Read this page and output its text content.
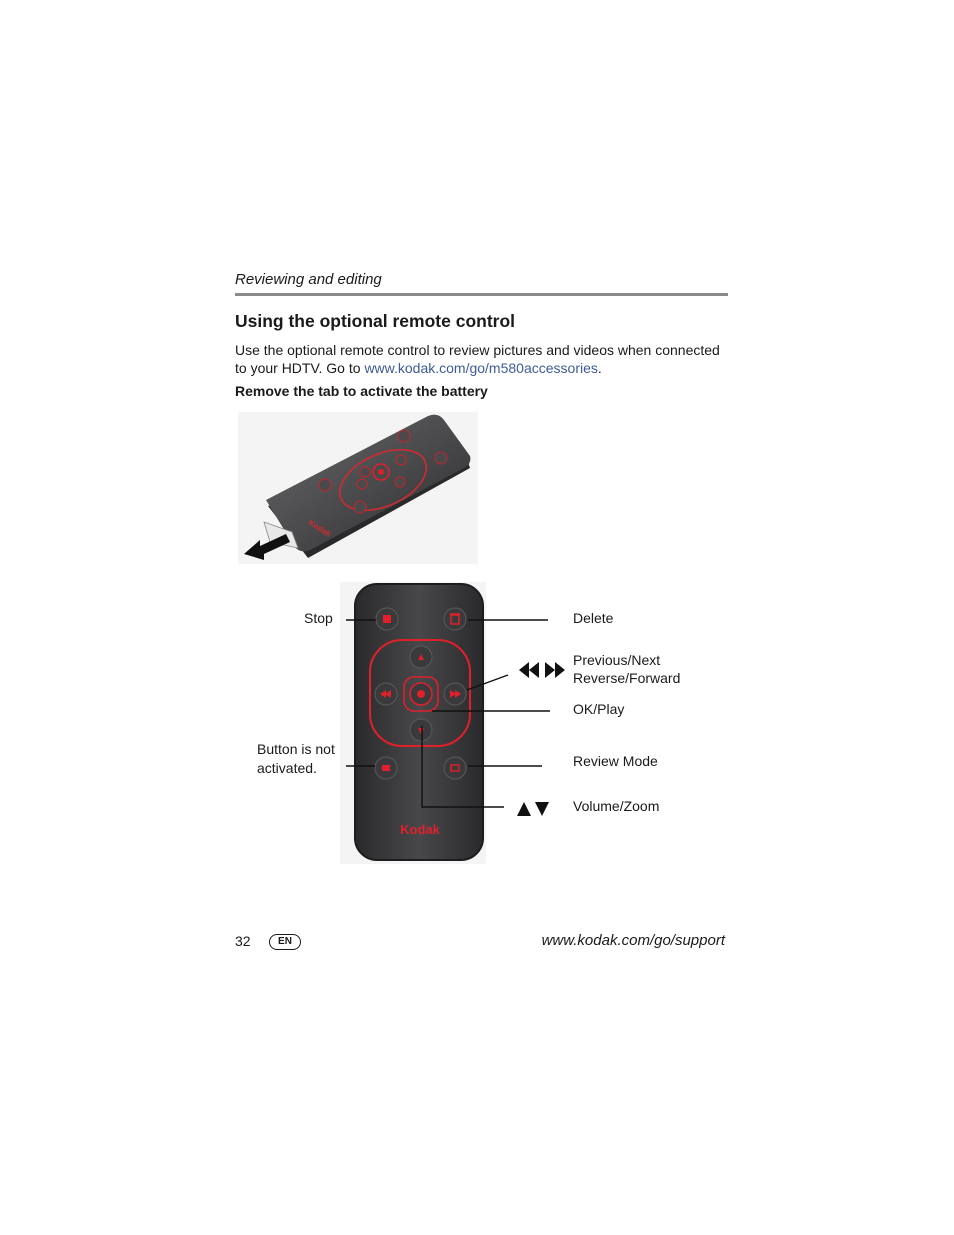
Reviewing and editing
Using the optional remote control
Use the optional remote control to review pictures and videos when connected to your HDTV. Go to www.kodak.com/go/m580accessories.
Remove the tab to activate the battery
Kodak
Kodak
Stop	Delete
Previous/Next
Reverse/Forward
OK/Play
Button is not
activated.	Review Mode
Volume/Zoom
32	EN	www.kodak.com/go/support
